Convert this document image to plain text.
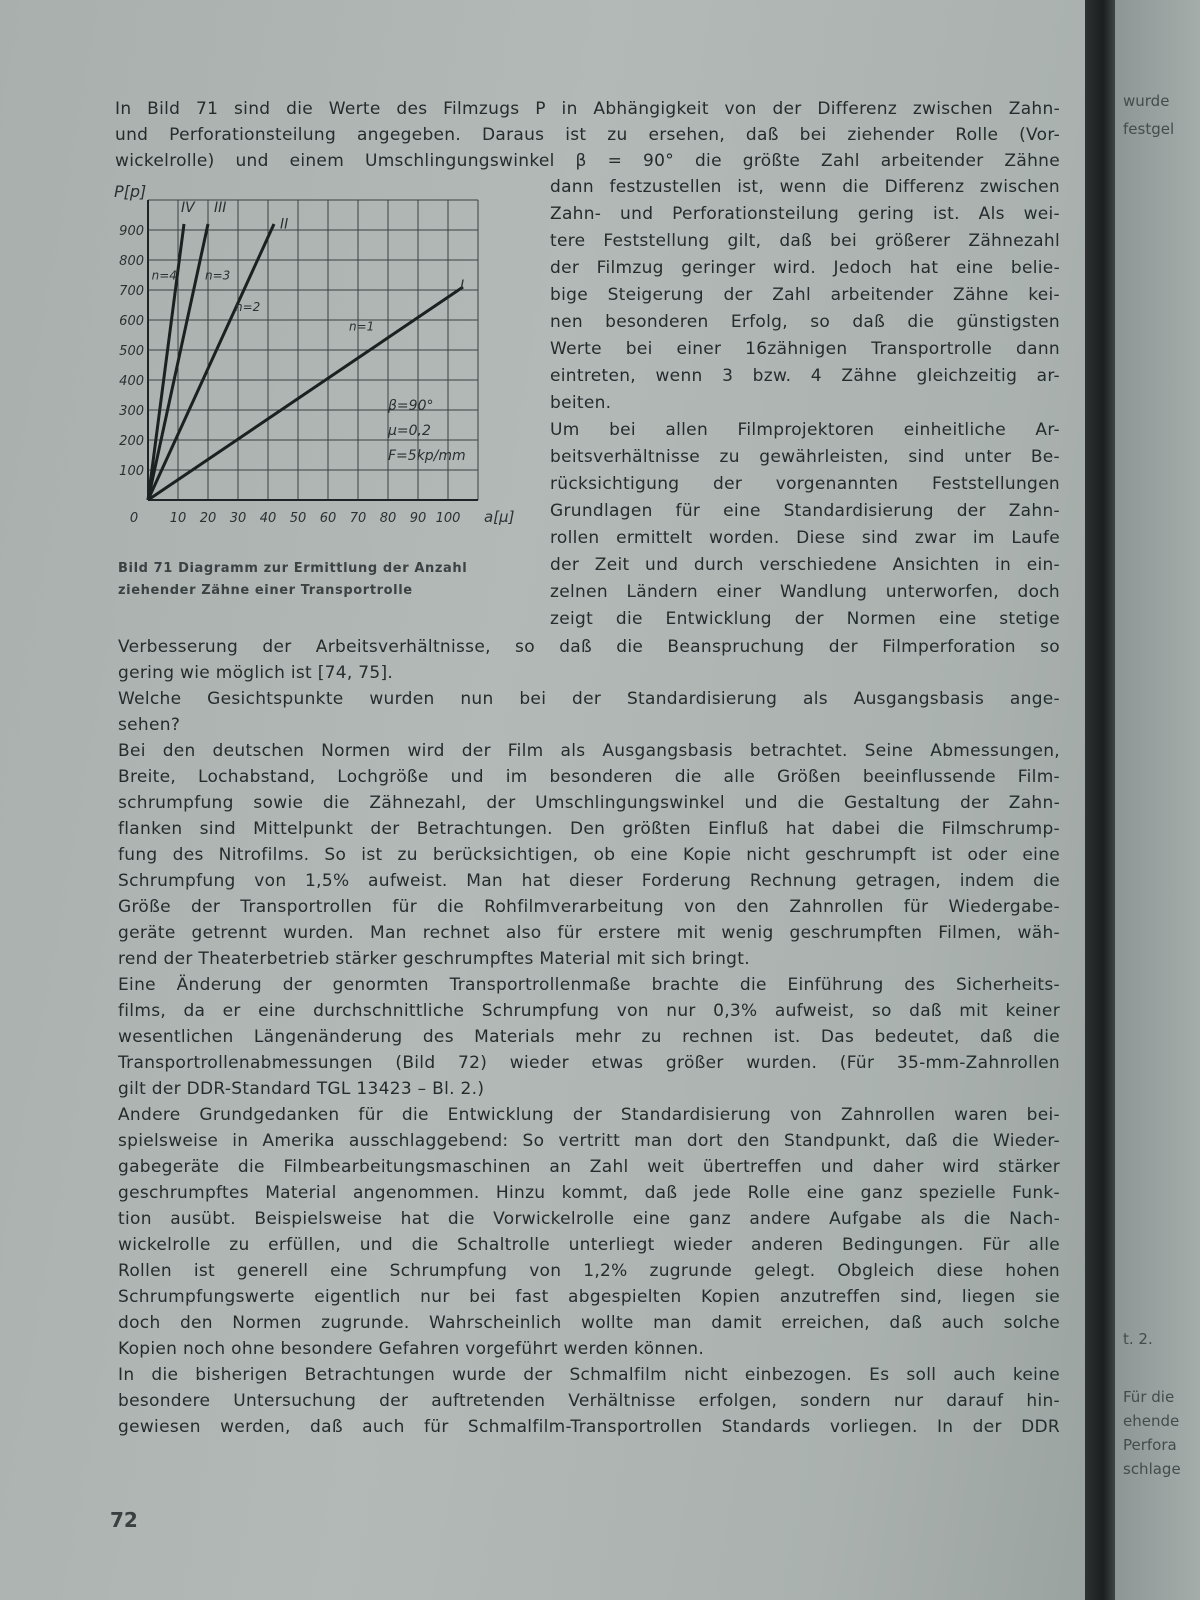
wurde
festgel
t. 2.
Für die
ehende
Perfora
schlage
In Bild 71 sind die Werte des Filmzugs P in Abhängigkeit von der Differenz zwischen Zahn-
und Perforationsteilung angegeben. Daraus ist zu ersehen, daß bei ziehender Rolle (Vor-
wickelrolle) und einem Umschlingungswinkel β = 90° die größte Zahl arbeitender Zähne
dann festzustellen ist, wenn die Differenz zwischen
Zahn- und Perforationsteilung gering ist. Als wei-
tere Feststellung gilt, daß bei größerer Zähnezahl
der Filmzug geringer wird. Jedoch hat eine belie-
bige Steigerung der Zahl arbeitender Zähne kei-
nen besonderen Erfolg, so daß die günstigsten
Werte bei einer 16zähnigen Transportrolle dann
eintreten, wenn 3 bzw. 4 Zähne gleichzeitig ar-
beiten.
Um bei allen Filmprojektoren einheitliche Ar-
beitsverhältnisse zu gewährleisten, sind unter Be-
rücksichtigung der vorgenannten Feststellungen
Grundlagen für eine Standardisierung der Zahn-
rollen ermittelt worden. Diese sind zwar im Laufe
der Zeit und durch verschiedene Ansichten in ein-
zelnen Ländern einer Wandlung unterworfen, doch
zeigt die Entwicklung der Normen eine stetige
100
200
300
400
500
600
700
800
900
10 20 30 40 50 60 70 80 90 100
0	a[μ]
P[p]
I
II
III
IV
n=1
n=2
n=3
n=4
β=90°
μ=0,2
F=5kp/mm
Bild 71 Diagramm zur Ermittlung der Anzahl ziehender Zähne einer Transportrolle
Verbesserung der Arbeitsverhältnisse, so daß die Beanspruchung der Filmperforation so
gering wie möglich ist [74, 75].
Welche Gesichtspunkte wurden nun bei der Standardisierung als Ausgangsbasis ange-
sehen?
Bei den deutschen Normen wird der Film als Ausgangsbasis betrachtet. Seine Abmessungen,
Breite, Lochabstand, Lochgröße und im besonderen die alle Größen beeinflussende Film-
schrumpfung sowie die Zähnezahl, der Umschlingungswinkel und die Gestaltung der Zahn-
flanken sind Mittelpunkt der Betrachtungen. Den größten Einfluß hat dabei die Filmschrump-
fung des Nitrofilms. So ist zu berücksichtigen, ob eine Kopie nicht geschrumpft ist oder eine
Schrumpfung von 1,5% aufweist. Man hat dieser Forderung Rechnung getragen, indem die
Größe der Transportrollen für die Rohfilmverarbeitung von den Zahnrollen für Wiedergabe-
geräte getrennt wurden. Man rechnet also für erstere mit wenig geschrumpften Filmen, wäh-
rend der Theaterbetrieb stärker geschrumpftes Material mit sich bringt.
Eine Änderung der genormten Transportrollenmaße brachte die Einführung des Sicherheits-
films, da er eine durchschnittliche Schrumpfung von nur 0,3% aufweist, so daß mit keiner
wesentlichen Längenänderung des Materials mehr zu rechnen ist. Das bedeutet, daß die
Transportrollenabmessungen (Bild 72) wieder etwas größer wurden. (Für 35-mm-Zahnrollen
gilt der DDR-Standard TGL 13423 – Bl. 2.)
Andere Grundgedanken für die Entwicklung der Standardisierung von Zahnrollen waren bei-
spielsweise in Amerika ausschlaggebend: So vertritt man dort den Standpunkt, daß die Wieder-
gabegeräte die Filmbearbeitungsmaschinen an Zahl weit übertreffen und daher wird stärker
geschrumpftes Material angenommen. Hinzu kommt, daß jede Rolle eine ganz spezielle Funk-
tion ausübt. Beispielsweise hat die Vorwickelrolle eine ganz andere Aufgabe als die Nach-
wickelrolle zu erfüllen, und die Schaltrolle unterliegt wieder anderen Bedingungen. Für alle
Rollen ist generell eine Schrumpfung von 1,2% zugrunde gelegt. Obgleich diese hohen
Schrumpfungswerte eigentlich nur bei fast abgespielten Kopien anzutreffen sind, liegen sie
doch den Normen zugrunde. Wahrscheinlich wollte man damit erreichen, daß auch solche
Kopien noch ohne besondere Gefahren vorgeführt werden können.
In die bisherigen Betrachtungen wurde der Schmalfilm nicht einbezogen. Es soll auch keine
besondere Untersuchung der auftretenden Verhältnisse erfolgen, sondern nur darauf hin-
gewiesen werden, daß auch für Schmalfilm-Transportrollen Standards vorliegen. In der DDR
72
